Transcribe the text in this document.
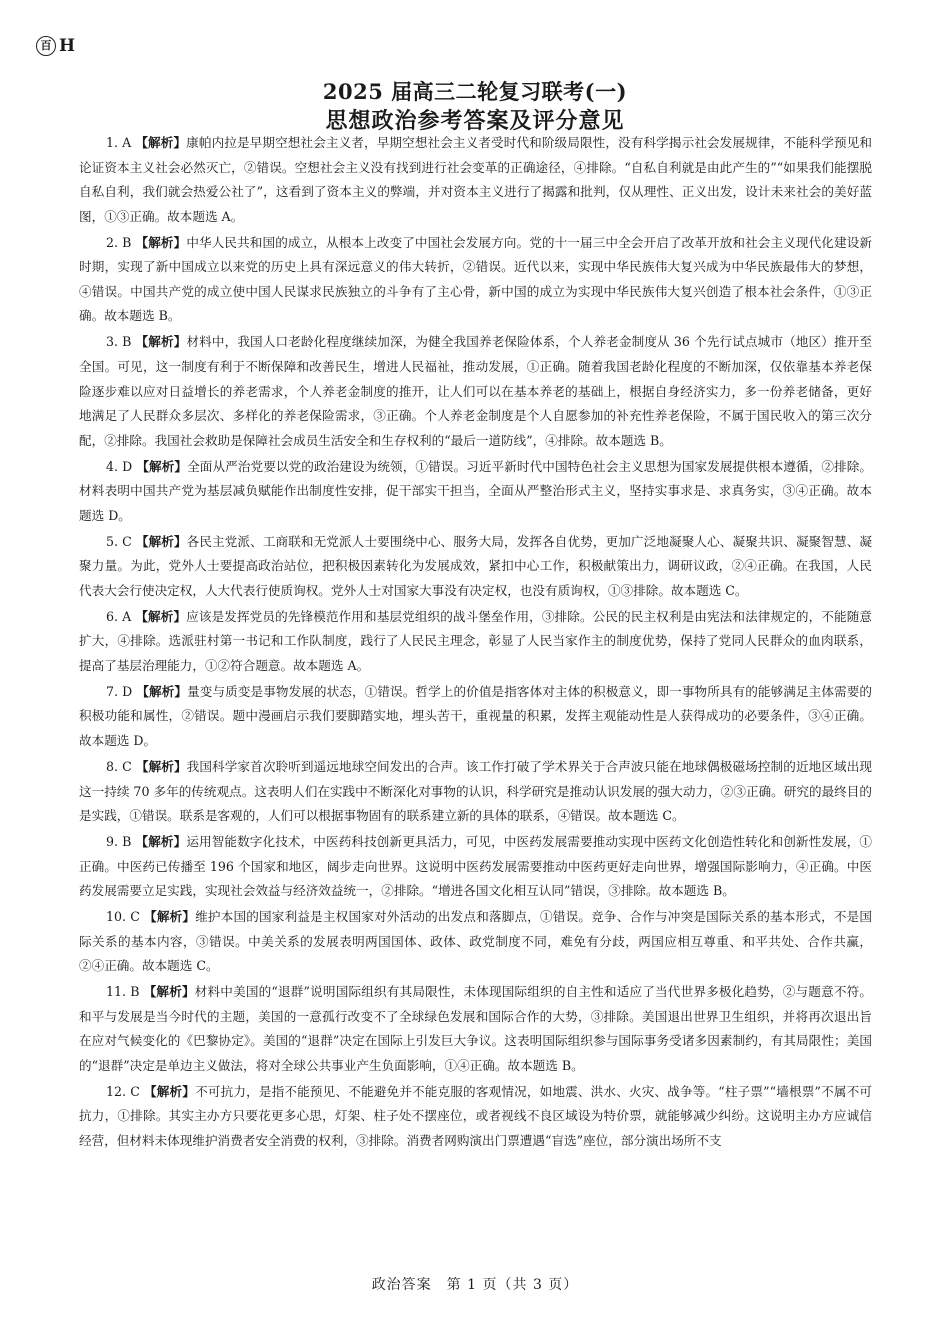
百 H
2025 届高三二轮复习联考(一)
思想政治参考答案及评分意见

1. A 【解析】康帕内拉是早期空想社会主义者，早期空想社会主义者受时代和阶级局限性，没有科学揭示社会发展规律，不能科学预见和论证资本主义社会必然灭亡，②错误。空想社会主义没有找到进行社会变革的正确途径，④排除。“自私自利就是由此产生的”“如果我们能摆脱自私自利，我们就会热爱公社了”，这看到了资本主义的弊端，并对资本主义进行了揭露和批判，仅从理性、正义出发，设计未来社会的美好蓝图，①③正确。故本题选 A。

2. B 【解析】中华人民共和国的成立，从根本上改变了中国社会发展方向。党的十一届三中全会开启了改革开放和社会主义现代化建设新时期，实现了新中国成立以来党的历史上具有深远意义的伟大转折，②错误。近代以来，实现中华民族伟大复兴成为中华民族最伟大的梦想，④错误。中国共产党的成立使中国人民谋求民族独立的斗争有了主心骨，新中国的成立为实现中华民族伟大复兴创造了根本社会条件，①③正确。故本题选 B。

3. B 【解析】材料中，我国人口老龄化程度继续加深，为健全我国养老保险体系，个人养老金制度从 36 个先行试点城市（地区）推开至全国。可见，这一制度有利于不断保障和改善民生，增进人民福祉，推动发展，①正确。随着我国老龄化程度的不断加深，仅依靠基本养老保险逐步难以应对日益增长的养老需求，个人养老金制度的推开，让人们可以在基本养老的基础上，根据自身经济实力，多一份养老储备，更好地满足了人民群众多层次、多样化的养老保险需求，③正确。个人养老金制度是个人自愿参加的补充性养老保险，不属于国民收入的第三次分配，②排除。我国社会救助是保障社会成员生活安全和生存权利的“最后一道防线”，④排除。故本题选 B。

4. D 【解析】全面从严治党要以党的政治建设为统领，①错误。习近平新时代中国特色社会主义思想为国家发展提供根本遵循，②排除。材料表明中国共产党为基层减负赋能作出制度性安排，促干部实干担当，全面从严整治形式主义，坚持实事求是、求真务实，③④正确。故本题选 D。

5. C 【解析】各民主党派、工商联和无党派人士要围绕中心、服务大局，发挥各自优势，更加广泛地凝聚人心、凝聚共识、凝聚智慧、凝聚力量。为此，党外人士要提高政治站位，把积极因素转化为发展成效，紧扣中心工作，积极献策出力，调研议政，②④正确。在我国，人民代表大会行使决定权，人大代表行使质询权。党外人士对国家大事没有决定权，也没有质询权，①③排除。故本题选 C。

6. A 【解析】应该是发挥党员的先锋模范作用和基层党组织的战斗堡垒作用，③排除。公民的民主权利是由宪法和法律规定的，不能随意扩大，④排除。选派驻村第一书记和工作队制度，践行了人民民主理念，彰显了人民当家作主的制度优势，保持了党同人民群众的血肉联系，提高了基层治理能力，①②符合题意。故本题选 A。

7. D 【解析】量变与质变是事物发展的状态，①错误。哲学上的价值是指客体对主体的积极意义，即一事物所具有的能够满足主体需要的积极功能和属性，②错误。题中漫画启示我们要脚踏实地，埋头苦干，重视量的积累，发挥主观能动性是人获得成功的必要条件，③④正确。故本题选 D。

8. C 【解析】我国科学家首次聆听到遥远地球空间发出的合声。该工作打破了学术界关于合声波只能在地球偶极磁场控制的近地区域出现这一持续 70 多年的传统观点。这表明人们在实践中不断深化对事物的认识，科学研究是推动认识发展的强大动力，②③正确。研究的最终目的是实践，①错误。联系是客观的，人们可以根据事物固有的联系建立新的具体的联系，④错误。故本题选 C。

9. B 【解析】运用智能数字化技术，中医药科技创新更具活力，可见，中医药发展需要推动实现中医药文化创造性转化和创新性发展，①正确。中医药已传播至 196 个国家和地区，阔步走向世界。这说明中医药发展需要推动中医药更好走向世界，增强国际影响力，④正确。中医药发展需要立足实践，实现社会效益与经济效益统一，②排除。“增进各国文化相互认同”错误，③排除。故本题选 B。

10. C 【解析】维护本国的国家利益是主权国家对外活动的出发点和落脚点，①错误。竞争、合作与冲突是国际关系的基本形式，不是国际关系的基本内容，③错误。中美关系的发展表明两国国体、政体、政党制度不同，难免有分歧，两国应相互尊重、和平共处、合作共赢，②④正确。故本题选 C。

11. B 【解析】材料中美国的“退群”说明国际组织有其局限性，未体现国际组织的自主性和适应了当代世界多极化趋势，②与题意不符。和平与发展是当今时代的主题，美国的一意孤行改变不了全球绿色发展和国际合作的大势，③排除。美国退出世界卫生组织，并将再次退出旨在应对气候变化的《巴黎协定》。美国的“退群”决定在国际上引发巨大争议。这表明国际组织参与国际事务受诸多因素制约，有其局限性；美国的“退群”决定是单边主义做法，将对全球公共事业产生负面影响，①④正确。故本题选 B。

12. C 【解析】不可抗力，是指不能预见、不能避免并不能克服的客观情况，如地震、洪水、火灾、战争等。“柱子票”“墙根票”不属不可抗力，①排除。其实主办方只要花更多心思，灯架、柱子处不摆座位，或者视线不良区域设为特价票，就能够减少纠纷。这说明主办方应诚信经营，但材料未体现维护消费者安全消费的权利，③排除。消费者网购演出门票遭遇“盲选”座位，部分演出场所不支

政治答案　第 1 页（共 3 页）
